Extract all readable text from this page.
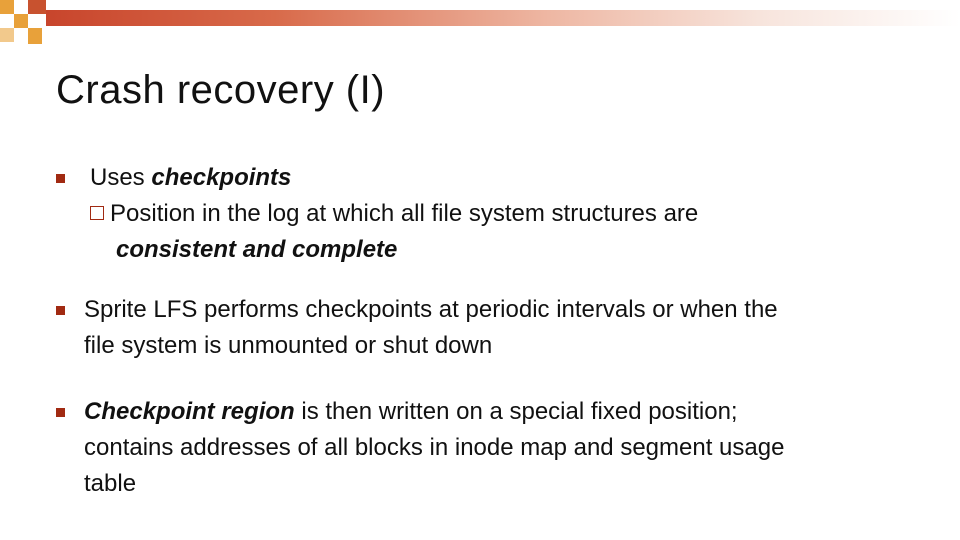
Crash recovery (I)
Uses checkpoints
Position in the log at which all file system structures are
consistent and complete
Sprite LFS performs checkpoints at periodic intervals or when the
file system is unmounted or shut down
Checkpoint region is then written on a special fixed position;
contains addresses of all blocks in inode map and segment usage
table
